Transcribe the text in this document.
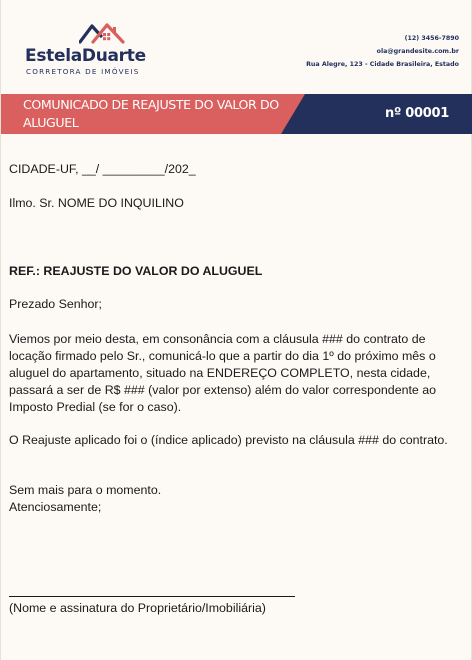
EstelaDuarte
CORRETORA DE IMÓVEIS
(12) 3456-7890
ola@grandesite.com.br
Rua Alegre, 123 - Cidade Brasileira, Estado
COMUNICADO DE REAJUSTE DO VALOR DO ALUGUEL
nº 00001
CIDADE-UF, __/ _________/202_
Ilmo. Sr. NOME DO INQUILINO
REF.: REAJUSTE DO VALOR DO ALUGUEL
Prezado Senhor;
Viemos por meio desta, em consonância com a cláusula ### do contrato de locação firmado pelo Sr., comunicá-lo que a partir do dia 1º do próximo mês o aluguel do apartamento, situado na ENDEREÇO COMPLETO, nesta cidade, passará a ser de R$ ### (valor por extenso) além do valor correspondente ao Imposto Predial (se for o caso).
O Reajuste aplicado foi o (índice aplicado) previsto na cláusula ### do contrato.
Sem mais para o momento.
Atenciosamente;
(Nome e assinatura do Proprietário/Imobiliária)
